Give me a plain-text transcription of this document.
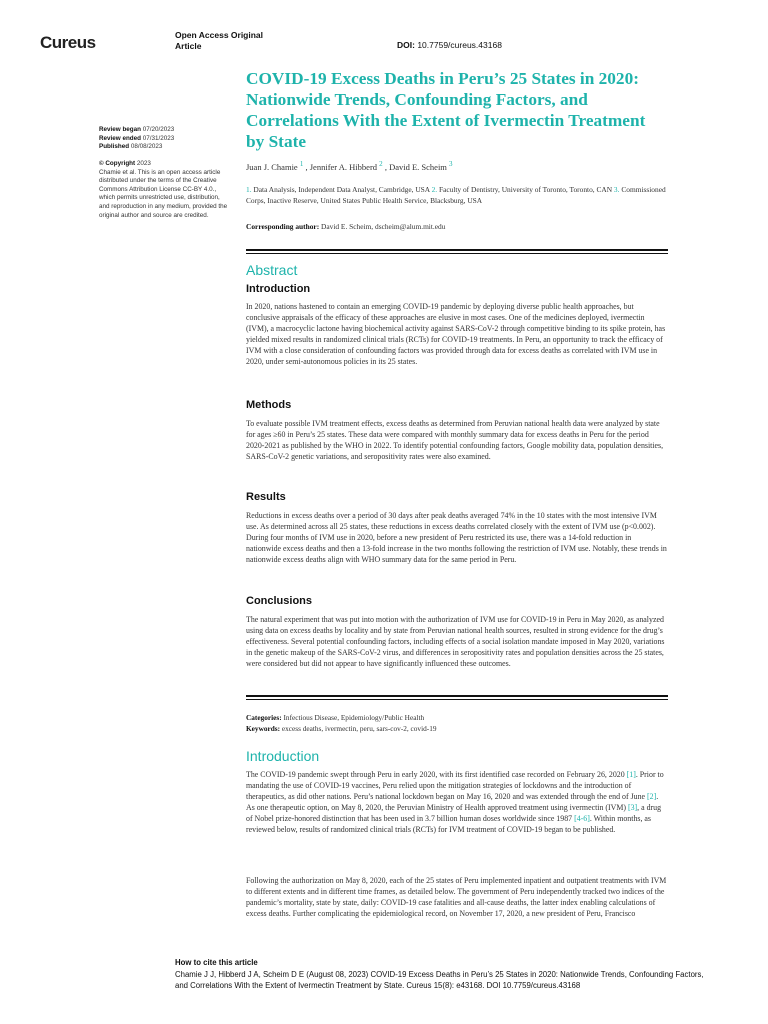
Cureus	Open Access Original
Article	DOI: 10.7759/cureus.43168
Review began 07/20/2023
Review ended 07/31/2023
Published 08/08/2023
© Copyright 2023
Chamie et al. This is an open access article distributed under the terms of the Creative Commons Attribution License CC-BY 4.0., which permits unrestricted use, distribution, and reproduction in any medium, provided the original author and source are credited.
COVID-19 Excess Deaths in Peru’s 25 States in 2020: Nationwide Trends, Confounding Factors, and Correlations With the Extent of Ivermectin Treatment by State
Juan J. Chamie $^1$ , Jennifer A. Hibberd $^2$ , David E. Scheim $^3$
1. Data Analysis, Independent Data Analyst, Cambridge, USA 2. Faculty of Dentistry, University of Toronto, Toronto, CAN 3. Commissioned Corps, Inactive Reserve, United States Public Health Service, Blacksburg, USA
Corresponding author: David E. Scheim, dscheim@alum.mit.edu
Abstract
Introduction

In 2020, nations hastened to contain an emerging COVID-19 pandemic by deploying diverse public health approaches, but conclusive appraisals of the efficacy of these approaches are elusive in most cases. One of the medicines deployed, ivermectin (IVM), a macrocyclic lactone having biochemical activity against SARS-CoV-2 through competitive binding to its spike protein, has yielded mixed results in randomized clinical trials (RCTs) for COVID-19 treatments. In Peru, an opportunity to track the efficacy of IVM with a close consideration of confounding factors was provided through data for excess deaths as correlated with IVM use in 2020, under semi-autonomous policies in its 25 states.

Methods

To evaluate possible IVM treatment effects, excess deaths as determined from Peruvian national health data were analyzed by state for ages ≥60 in Peru’s 25 states. These data were compared with monthly summary data for excess deaths in Peru for the period 2020-2021 as published by the WHO in 2022. To identify potential confounding factors, Google mobility data, population densities, SARS-CoV-2 genetic variations, and seropositivity rates were also examined.

Results

Reductions in excess deaths over a period of 30 days after peak deaths averaged 74% in the 10 states with the most intensive IVM use. As determined across all 25 states, these reductions in excess deaths correlated closely with the extent of IVM use (p<0.002). During four months of IVM use in 2020, before a new president of Peru restricted its use, there was a 14-fold reduction in nationwide excess deaths and then a 13-fold increase in the two months following the restriction of IVM use. Notably, these trends in nationwide excess deaths align with WHO summary data for the same period in Peru.

Conclusions

The natural experiment that was put into motion with the authorization of IVM use for COVID-19 in Peru in May 2020, as analyzed using data on excess deaths by locality and by state from Peruvian national health sources, resulted in strong evidence for the drug’s effectiveness. Several potential confounding factors, including effects of a social isolation mandate imposed in May 2020, variations in the genetic makeup of the SARS-CoV-2 virus, and differences in seropositivity rates and population densities across the 25 states, were considered but did not appear to have significantly influenced these outcomes.

Categories: Infectious Disease, Epidemiology/Public Health
Keywords: excess deaths, ivermectin, peru, sars-cov-2, covid-19
Introduction

The COVID-19 pandemic swept through Peru in early 2020, with its first identified case recorded on February 26, 2020 [1]. Prior to mandating the use of COVID-19 vaccines, Peru relied upon the mitigation strategies of lockdowns and the introduction of therapeutics, as did other nations. Peru’s national lockdown began on May 16, 2020 and was extended through the end of June [2]. As one therapeutic option, on May 8, 2020, the Peruvian Ministry of Health approved treatment using ivermectin (IVM) [3], a drug of Nobel prize-honored distinction that has been used in 3.7 billion human doses worldwide since 1987 [4-6]. Within months, as reviewed below, results of randomized clinical trials (RCTs) for IVM treatment of COVID-19 began to be published.

Following the authorization on May 8, 2020, each of the 25 states of Peru implemented inpatient and outpatient treatments with IVM to different extents and in different time frames, as detailed below. The government of Peru independently tracked two indices of the pandemic’s mortality, state by state, daily: COVID-19 case fatalities and all-cause deaths, the latter index enabling calculations of excess deaths. Further complicating the epidemiological record, on November 17, 2020, a new president of Peru, Francisco

How to cite this article
Chamie J J, Hibberd J A, Scheim D E (August 08, 2023) COVID-19 Excess Deaths in Peru’s 25 States in 2020: Nationwide Trends, Confounding Factors, and Correlations With the Extent of Ivermectin Treatment by State. Cureus 15(8): e43168. DOI 10.7759/cureus.43168
